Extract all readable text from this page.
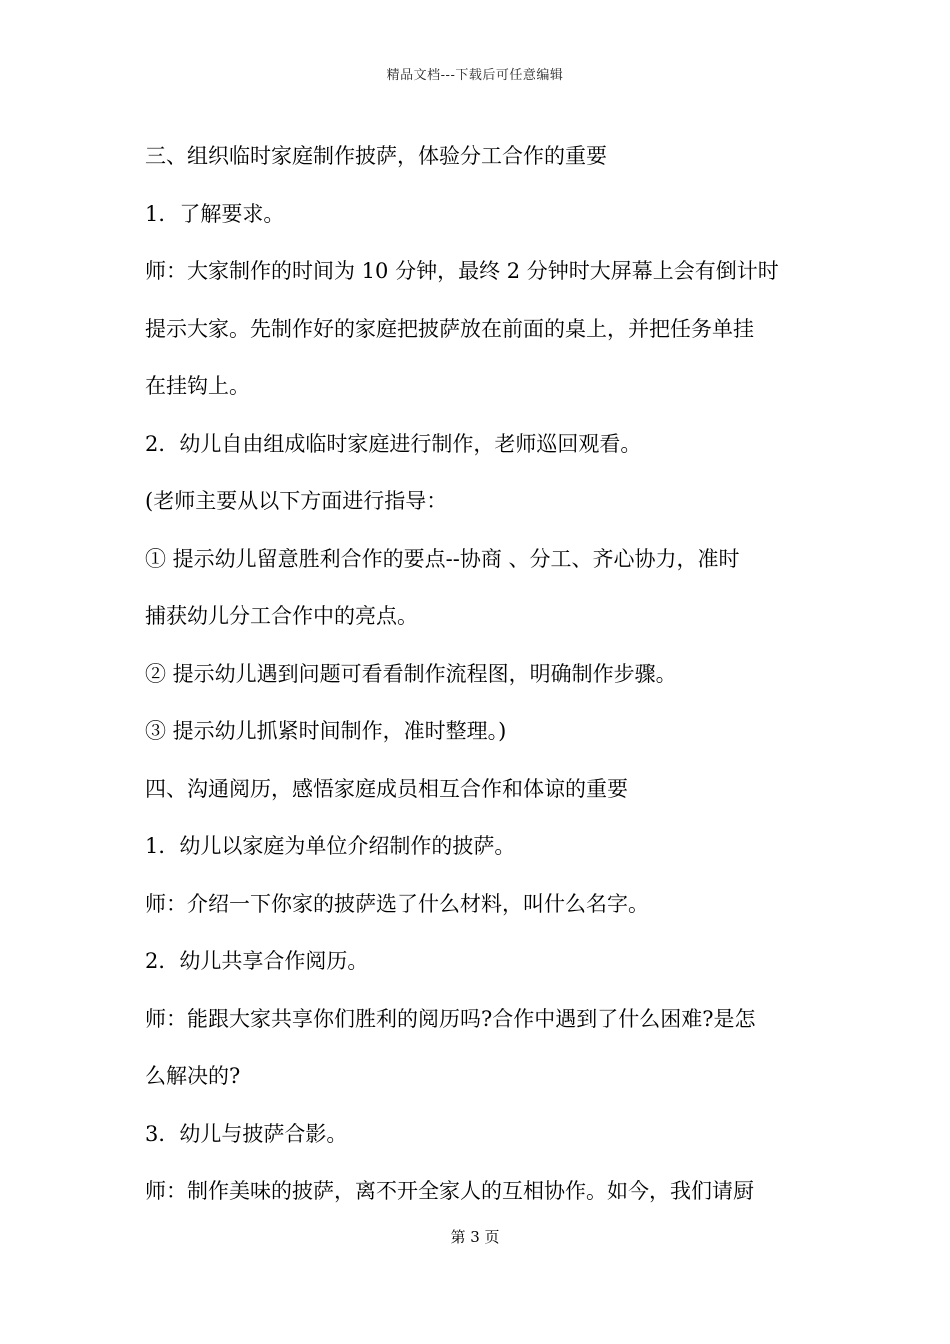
精品文档---下载后可任意编辑

三、组织临时家庭制作披萨，体验分工合作的重要

1．了解要求。

师：大家制作的时间为 10 分钟，最终 2 分钟时大屏幕上会有倒计时

提示大家。先制作好的家庭把披萨放在前面的桌上，并把任务单挂

在挂钩上。

2．幼儿自由组成临时家庭进行制作，老师巡回观看。

(老师主要从以下方面进行指导：

① 提示幼儿留意胜利合作的要点--协商 、分工、齐心协力，准时

捕获幼儿分工合作中的亮点。

② 提示幼儿遇到问题可看看制作流程图，明确制作步骤。

③ 提示幼儿抓紧时间制作，准时整理。)

四、沟通阅历，感悟家庭成员相互合作和体谅的重要

1．幼儿以家庭为单位介绍制作的披萨。

师：介绍一下你家的披萨选了什么材料，叫什么名字。

2．幼儿共享合作阅历。

师：能跟大家共享你们胜利的阅历吗?合作中遇到了什么困难?是怎

么解决的?

3．幼儿与披萨合影。

师：制作美味的披萨，离不开全家人的互相协作。如今，我们请厨

第 3 页
